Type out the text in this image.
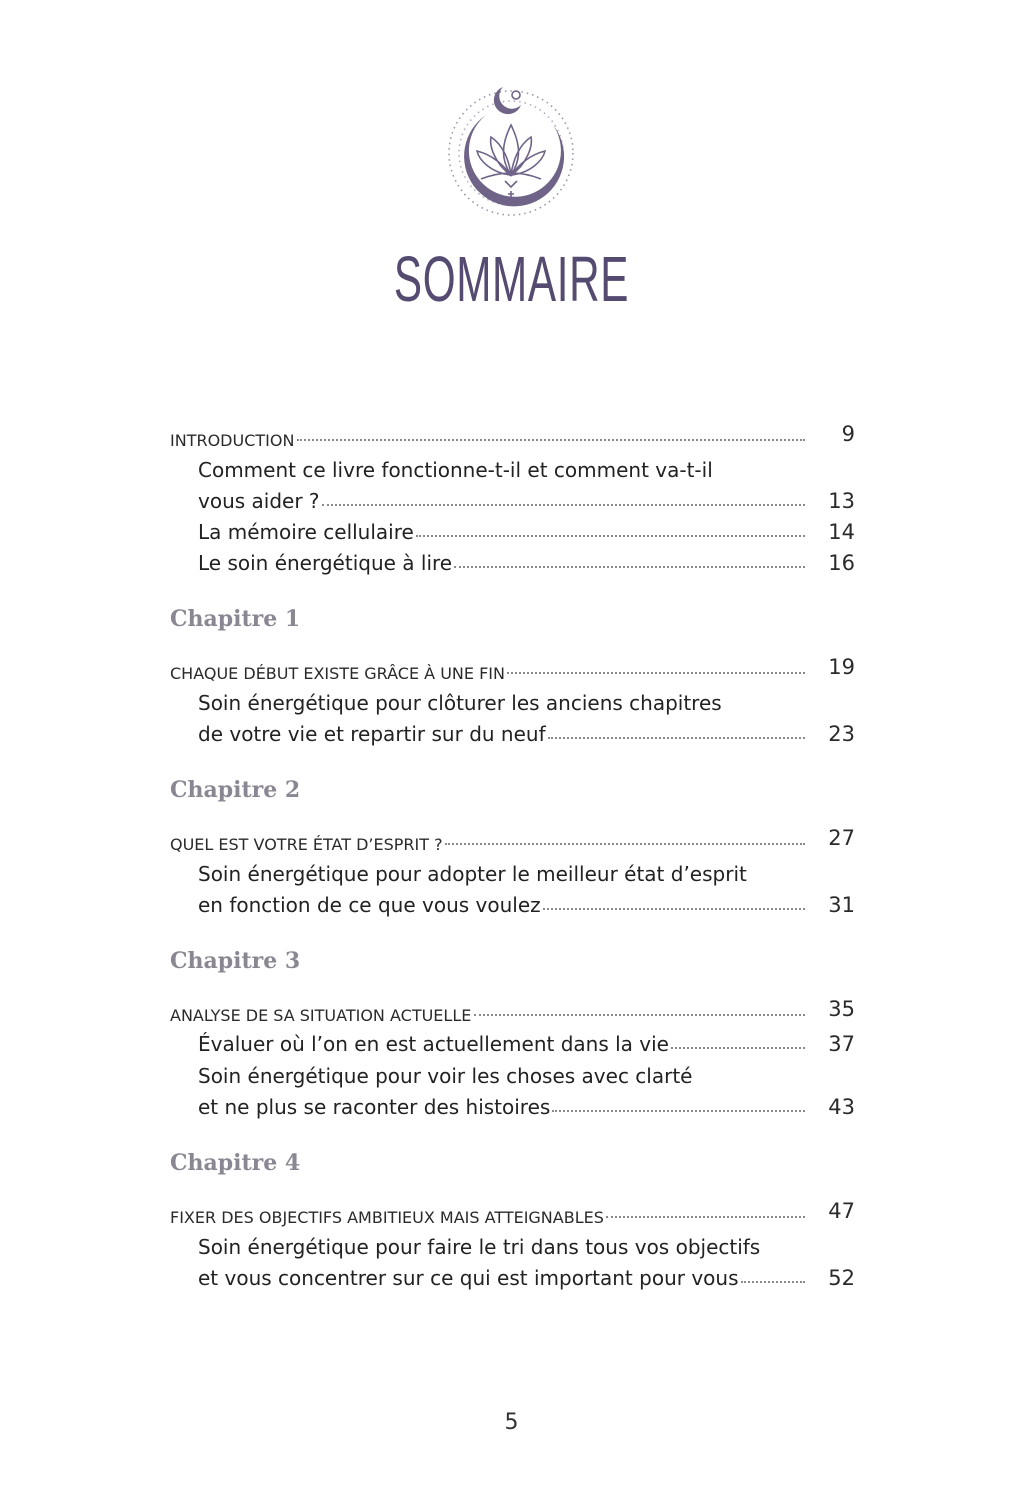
SOMMAIRE
INTRODUCTION	9
Comment ce livre fonctionne-t-il et comment va-t-il
vous aider ?	13
La mémoire cellulaire	14
Le soin énergétique à lire	16
Chapitre 1
CHAQUE DÉBUT EXISTE GRÂCE À UNE FIN	19
Soin énergétique pour clôturer les anciens chapitres
de votre vie et repartir sur du neuf	23
Chapitre 2
QUEL EST VOTRE ÉTAT D’ESPRIT ?	27
Soin énergétique pour adopter le meilleur état d’esprit
en fonction de ce que vous voulez	31
Chapitre 3
ANALYSE DE SA SITUATION ACTUELLE	35
Évaluer où l’on en est actuellement dans la vie	37
Soin énergétique pour voir les choses avec clarté
et ne plus se raconter des histoires	43
Chapitre 4
FIXER DES OBJECTIFS AMBITIEUX MAIS ATTEIGNABLES	47
Soin énergétique pour faire le tri dans tous vos objectifs
et vous concentrer sur ce qui est important pour vous	52
5
